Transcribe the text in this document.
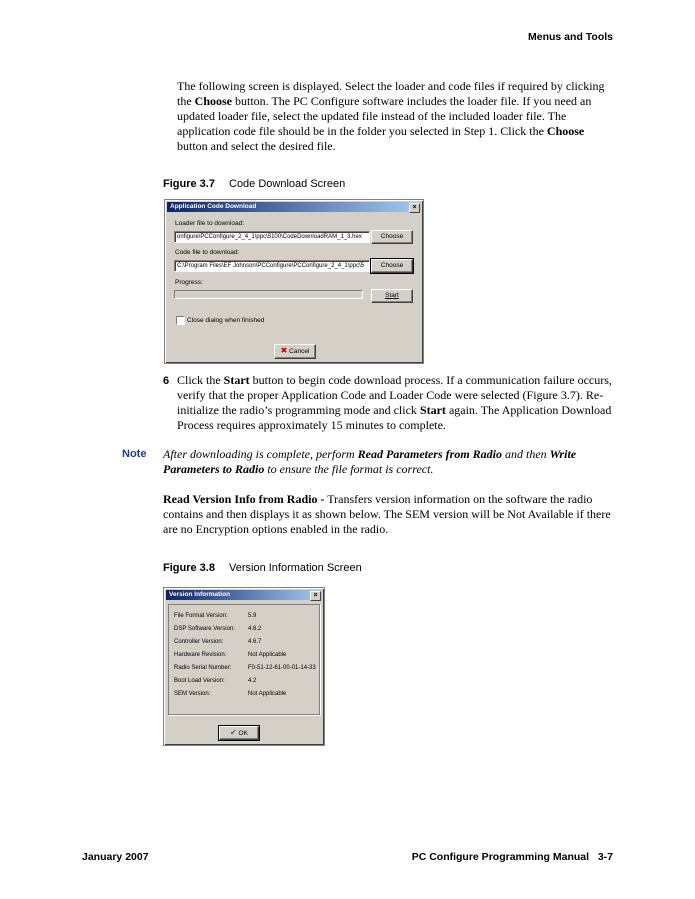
Menus and Tools
The following screen is displayed. Select the loader and code files if required by clicking the Choose button. The PC Configure software includes the loader file. If you need an updated loader file, select the updated file instead of the included loader file. The application code file should be in the folder you selected in Step 1. Click the Choose button and select the desired file.
Figure 3.7 Code Download Screen
Application Code Download	×
Loader file to download:
onfigure\PCConfigure_2_4_1\ppc\5100\CodeDownloadRAM_1_3.hex	Choose
Code file to download:
C:\Program Files\EF Johnson\PCConfigure\PCConfigure_2_4_1\ppc\5	Choose
Progress:
Start
Close dialog when finished
✖ Cancel
6 Click the Start button to begin code download process. If a communication failure occurs, verify that the proper Application Code and Loader Code were selected (Figure 3.7). Re-initialize the radio’s programming mode and click Start again. The Application Download Process requires approximately 15 minutes to complete.
Note After downloading is complete, perform Read Parameters from Radio and then Write Parameters to Radio to ensure the file format is correct.
Read Version Info from Radio - Transfers version information on the software the radio contains and then displays it as shown below. The SEM version will be Not Available if there are no Encryption options enabled in the radio.
Figure 3.8 Version Information Screen
Version Information	×
File Format Version:	5.9
DSP Software Version: 4.6.2
Controller Version:	4.6.7
Hardware Revision:	Not Applicable
Radio Serial Number:	F0-51-12-61-00-01-14-33
Boot Load Version:	4.2
SEM Version:	Not Applicable
✔ OK
January 2007	PC Configure Programming Manual 3-7
